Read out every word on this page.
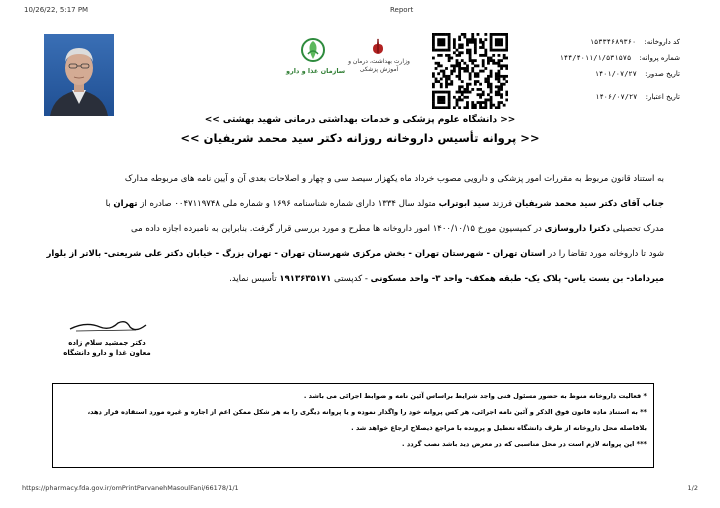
10/26/22, 5:17 PM	Report
سازمان غذا و دارو
وزارت بهداشت، درمان و آموزش پزشکی
کد داروخانه: ۱۵۳۳۴۶۸۹۳۶۰
شماره پروانه: ۱۴۴/۴۰۱۱/۱/۵۳۱۵۷۵
تاریخ صدور: ۱۴۰۱/۰۷/۲۷
تاریخ اعتبار: ۱۴۰۶/۰۷/۲۷
<< دانشگاه علوم پزشکی و خدمات بهداشتی درمانی شهید بهشتی >>
<< پروانه تأسیس داروخانه روزانه دکتر سید محمد شریفیان >>
به استناد قانون مربوط به مقررات امور پزشکی و دارویی مصوب خرداد ماه یکهزار سیصد سی و چهار و اصلاحات بعدی آن و آیین نامه های مربوطه مدارک
جناب آقای دکتر سید محمد شریفیان فرزند سید ابوتراب متولد سال ۱۳۳۴ دارای شماره شناسنامه ۱۶۹۶ و شماره ملی ۰۰۴۷۱۱۹۷۴۸ صادره از تهران با
مدرک تحصیلی دکترا داروسازی در کمیسیون مورخ ۱۴۰۰/۱۰/۱۵ امور داروخانه ها مطرح و مورد بررسی قرار گرفت. بنابراین به نامبرده اجازه داده می
شود تا داروخانه مورد تقاضا را در استان تهران - شهرستان تهران - بخش مرکزی شهرستان تهران - تهران بزرگ - خیابان دکتر علی شریعتی- بالاتر از بلوار
میرداماد- بن بست یاس- پلاک یک- طبقه همکف- واحد ۳- واحد مسکونی - کدپستی ۱۹۱۳۶۳۵۱۷۱ تأسیس نماید.
دکتر جمشید سلام زاده
معاون غذا و دارو دانشگاه
* فعالیت داروخانه منوط به حضور مسئول فنی واجد شرایط براساس آئین نامه و ضوابط اجرائی می باشد .
** به استناد ماده قانون فوق الذکر و آئین نامه اجرائی، هر کس پروانه خود را واگذار نموده و یا پروانه دیگری را به هر شکل ممکن اعم از اجاره و غیره مورد استفاده قرار دهد،
بلافاصله محل داروخانه از طرف دانشگاه تعطیل و پرونده با مراجع ذیصلاح ارجاع خواهد شد .
*** این پروانه لازم است در محل مناسبی که در معرض دید باشد نصب گردد .
https://pharmacy.fda.gov.ir/omPrintParvanehMasoulFani/66178/1/1	1/2
